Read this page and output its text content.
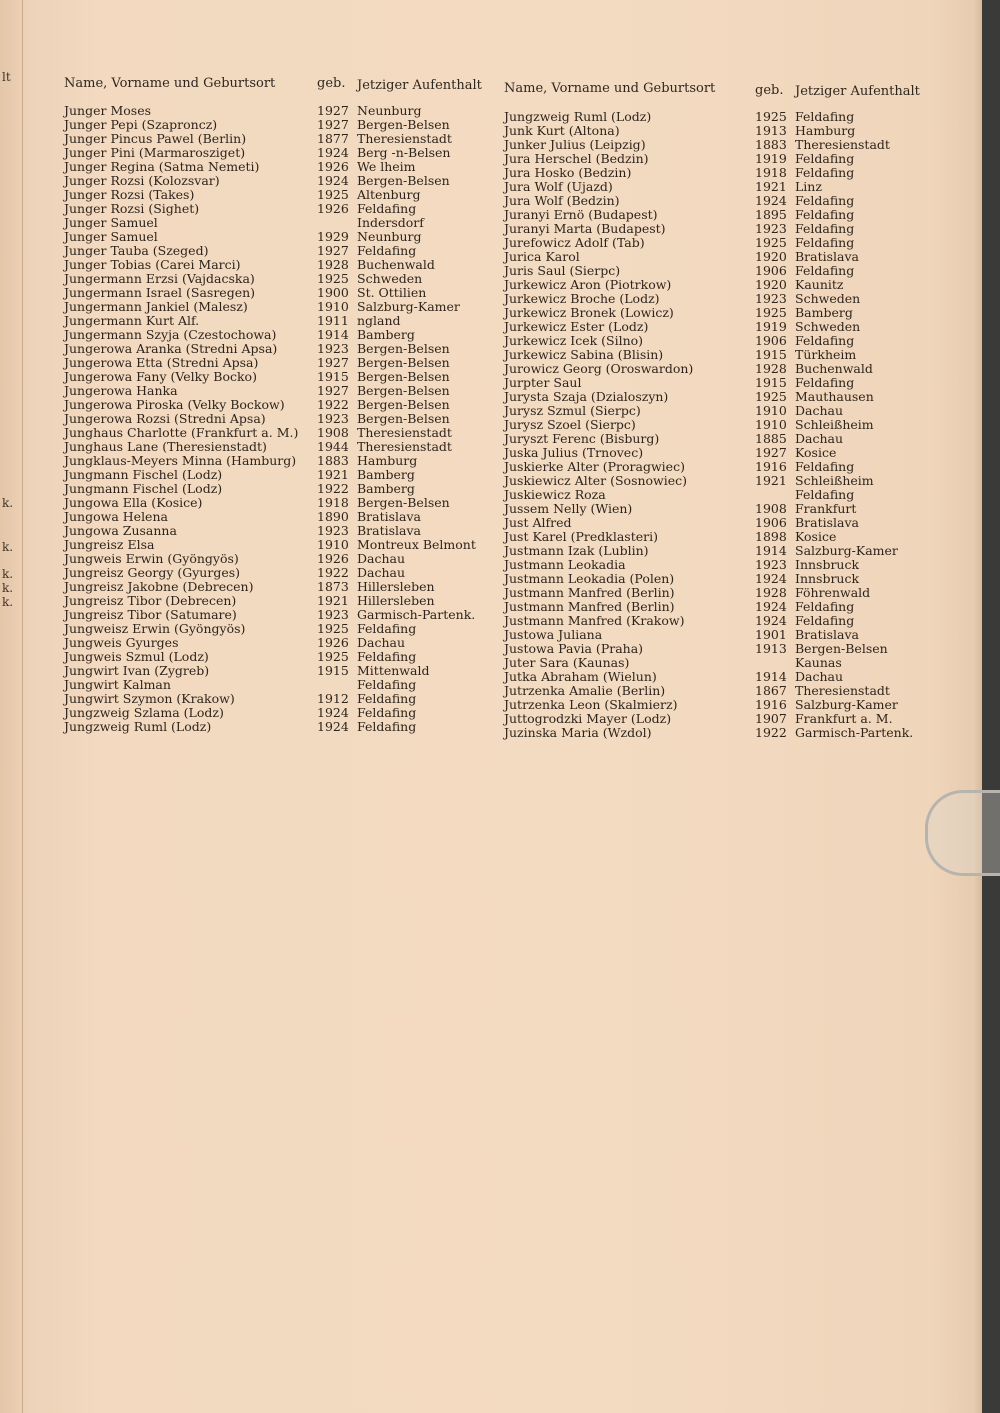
lt
k.
k.
k.
k.
k.
Name, Vorname und Geburtsort	geb. Jetziger Aufenthalt
Junger Moses	1927 Neunburg
Junger Pepi (Szaproncz)	1927 Bergen-Belsen
Junger Pincus Pawel (Berlin)	1877 Theresienstadt
Junger Pini (Marmarosziget)	1924 Berg -n-Belsen
Junger Regina (Satma Nemeti)	1926 We lheim
Junger Rozsi (Kolozsvar)	1924 Bergen-Belsen
Junger Rozsi (Takes)	1925 Altenburg
Junger Rozsi (Sighet)	1926 Feldafing
Junger Samuel	Indersdorf
Junger Samuel	1929 Neunburg
Junger Tauba (Szeged)	1927 Feldafing
Junger Tobias (Carei Marci)	1928 Buchenwald
Jungermann Erzsi (Vajdacska)	1925 Schweden
Jungermann Israel (Sasregen)	1900 St. Ottilien
Jungermann Jankiel (Malesz)	1910 Salzburg-Kamer
Jungermann Kurt Alf.	1911 ngland
Jungermann Szyja (Czestochowa)	1914 Bamberg
Jungerowa Aranka (Stredni Apsa)	1923 Bergen-Belsen
Jungerowa Etta (Stredni Apsa)	1927 Bergen-Belsen
Jungerowa Fany (Velky Bocko)	1915 Bergen-Belsen
Jungerowa Hanka	1927 Bergen-Belsen
Jungerowa Piroska (Velky Bockow)	1922 Bergen-Belsen
Jungerowa Rozsi (Stredni Apsa)	1923 Bergen-Belsen
Junghaus Charlotte (Frankfurt a. M.) 1908 Theresienstadt
Junghaus Lane (Theresienstadt)	1944 Theresienstadt
Jungklaus-Meyers Minna (Hamburg) 1883 Hamburg
Jungmann Fischel (Lodz)	1921 Bamberg
Jungmann Fischel (Lodz)	1922 Bamberg
Jungowa Ella (Kosice)	1918 Bergen-Belsen
Jungowa Helena	1890 Bratislava
Jungowa Zusanna	1923 Bratislava
Jungreisz Elsa	1910 Montreux Belmont
Jungweis Erwin (Gyöngyös)	1926 Dachau
Jungreisz Georgy (Gyurges)	1922 Dachau
Jungreisz Jakobne (Debrecen)	1873 Hillersleben
Jungreisz Tibor (Debrecen)	1921 Hillersleben
Jungreisz Tibor (Satumare)	1923 Garmisch-Partenk.
Jungweisz Erwin (Gyöngyös)	1925 Feldafing
Jungweis Gyurges	1926 Dachau
Jungweis Szmul (Lodz)	1925 Feldafing
Jungwirt Ivan (Zygreb)	1915 Mittenwald
Jungwirt Kalman	Feldafing
Jungwirt Szymon (Krakow)	1912 Feldafing
Jungzweig Szlama (Lodz)	1924 Feldafing
Jungzweig Ruml (Lodz)	1924 Feldafing
Name, Vorname und Geburtsort	geb. Jetziger Aufenthalt
Jungzweig Ruml (Lodz)	1925 Feldafing
Junk Kurt (Altona)	1913 Hamburg
Junker Julius (Leipzig)	1883 Theresienstadt
Jura Herschel (Bedzin)	1919 Feldafing
Jura Hosko (Bedzin)	1918 Feldafing
Jura Wolf (Ujazd)	1921 Linz
Jura Wolf (Bedzin)	1924 Feldafing
Juranyi Ernö (Budapest)	1895 Feldafing
Juranyi Marta (Budapest)	1923 Feldafing
Jurefowicz Adolf (Tab)	1925 Feldafing
Jurica Karol	1920 Bratislava
Juris Saul (Sierpc)	1906 Feldafing
Jurkewicz Aron (Piotrkow)	1920 Kaunitz
Jurkewicz Broche (Lodz)	1923 Schweden
Jurkewicz Bronek (Lowicz)	1925 Bamberg
Jurkewicz Ester (Lodz)	1919 Schweden
Jurkewicz Icek (Silno)	1906 Feldafing
Jurkewicz Sabina (Blisin)	1915 Türkheim
Jurowicz Georg (Oroswardon)	1928 Buchenwald
Jurpter Saul	1915 Feldafing
Jurysta Szaja (Dzialoszyn)	1925 Mauthausen
Jurysz Szmul (Sierpc)	1910 Dachau
Jurysz Szoel (Sierpc)	1910 Schleißheim
Juryszt Ferenc (Bisburg)	1885 Dachau
Juska Julius (Trnovec)	1927 Kosice
Juskierke Alter (Proragwiec)	1916 Feldafing
Juskiewicz Alter (Sosnowiec)	1921 Schleißheim
Juskiewicz Roza	Feldafing
Jussem Nelly (Wien)	1908 Frankfurt
Just Alfred	1906 Bratislava
Just Karel (Predklasteri)	1898 Kosice
Justmann Izak (Lublin)	1914 Salzburg-Kamer
Justmann Leokadia	1923 Innsbruck
Justmann Leokadia (Polen)	1924 Innsbruck
Justmann Manfred (Berlin)	1928 Föhrenwald
Justmann Manfred (Berlin)	1924 Feldafing
Justmann Manfred (Krakow)	1924 Feldafing
Justowa Juliana	1901 Bratislava
Justowa Pavia (Praha)	1913 Bergen-Belsen
Juter Sara (Kaunas)	Kaunas
Jutka Abraham (Wielun)	1914 Dachau
Jutrzenka Amalie (Berlin)	1867 Theresienstadt
Jutrzenka Leon (Skalmierz)	1916 Salzburg-Kamer
Juttogrodzki Mayer (Lodz)	1907 Frankfurt a. M.
Juzinska Maria (Wzdol)	1922 Garmisch-Partenk.
